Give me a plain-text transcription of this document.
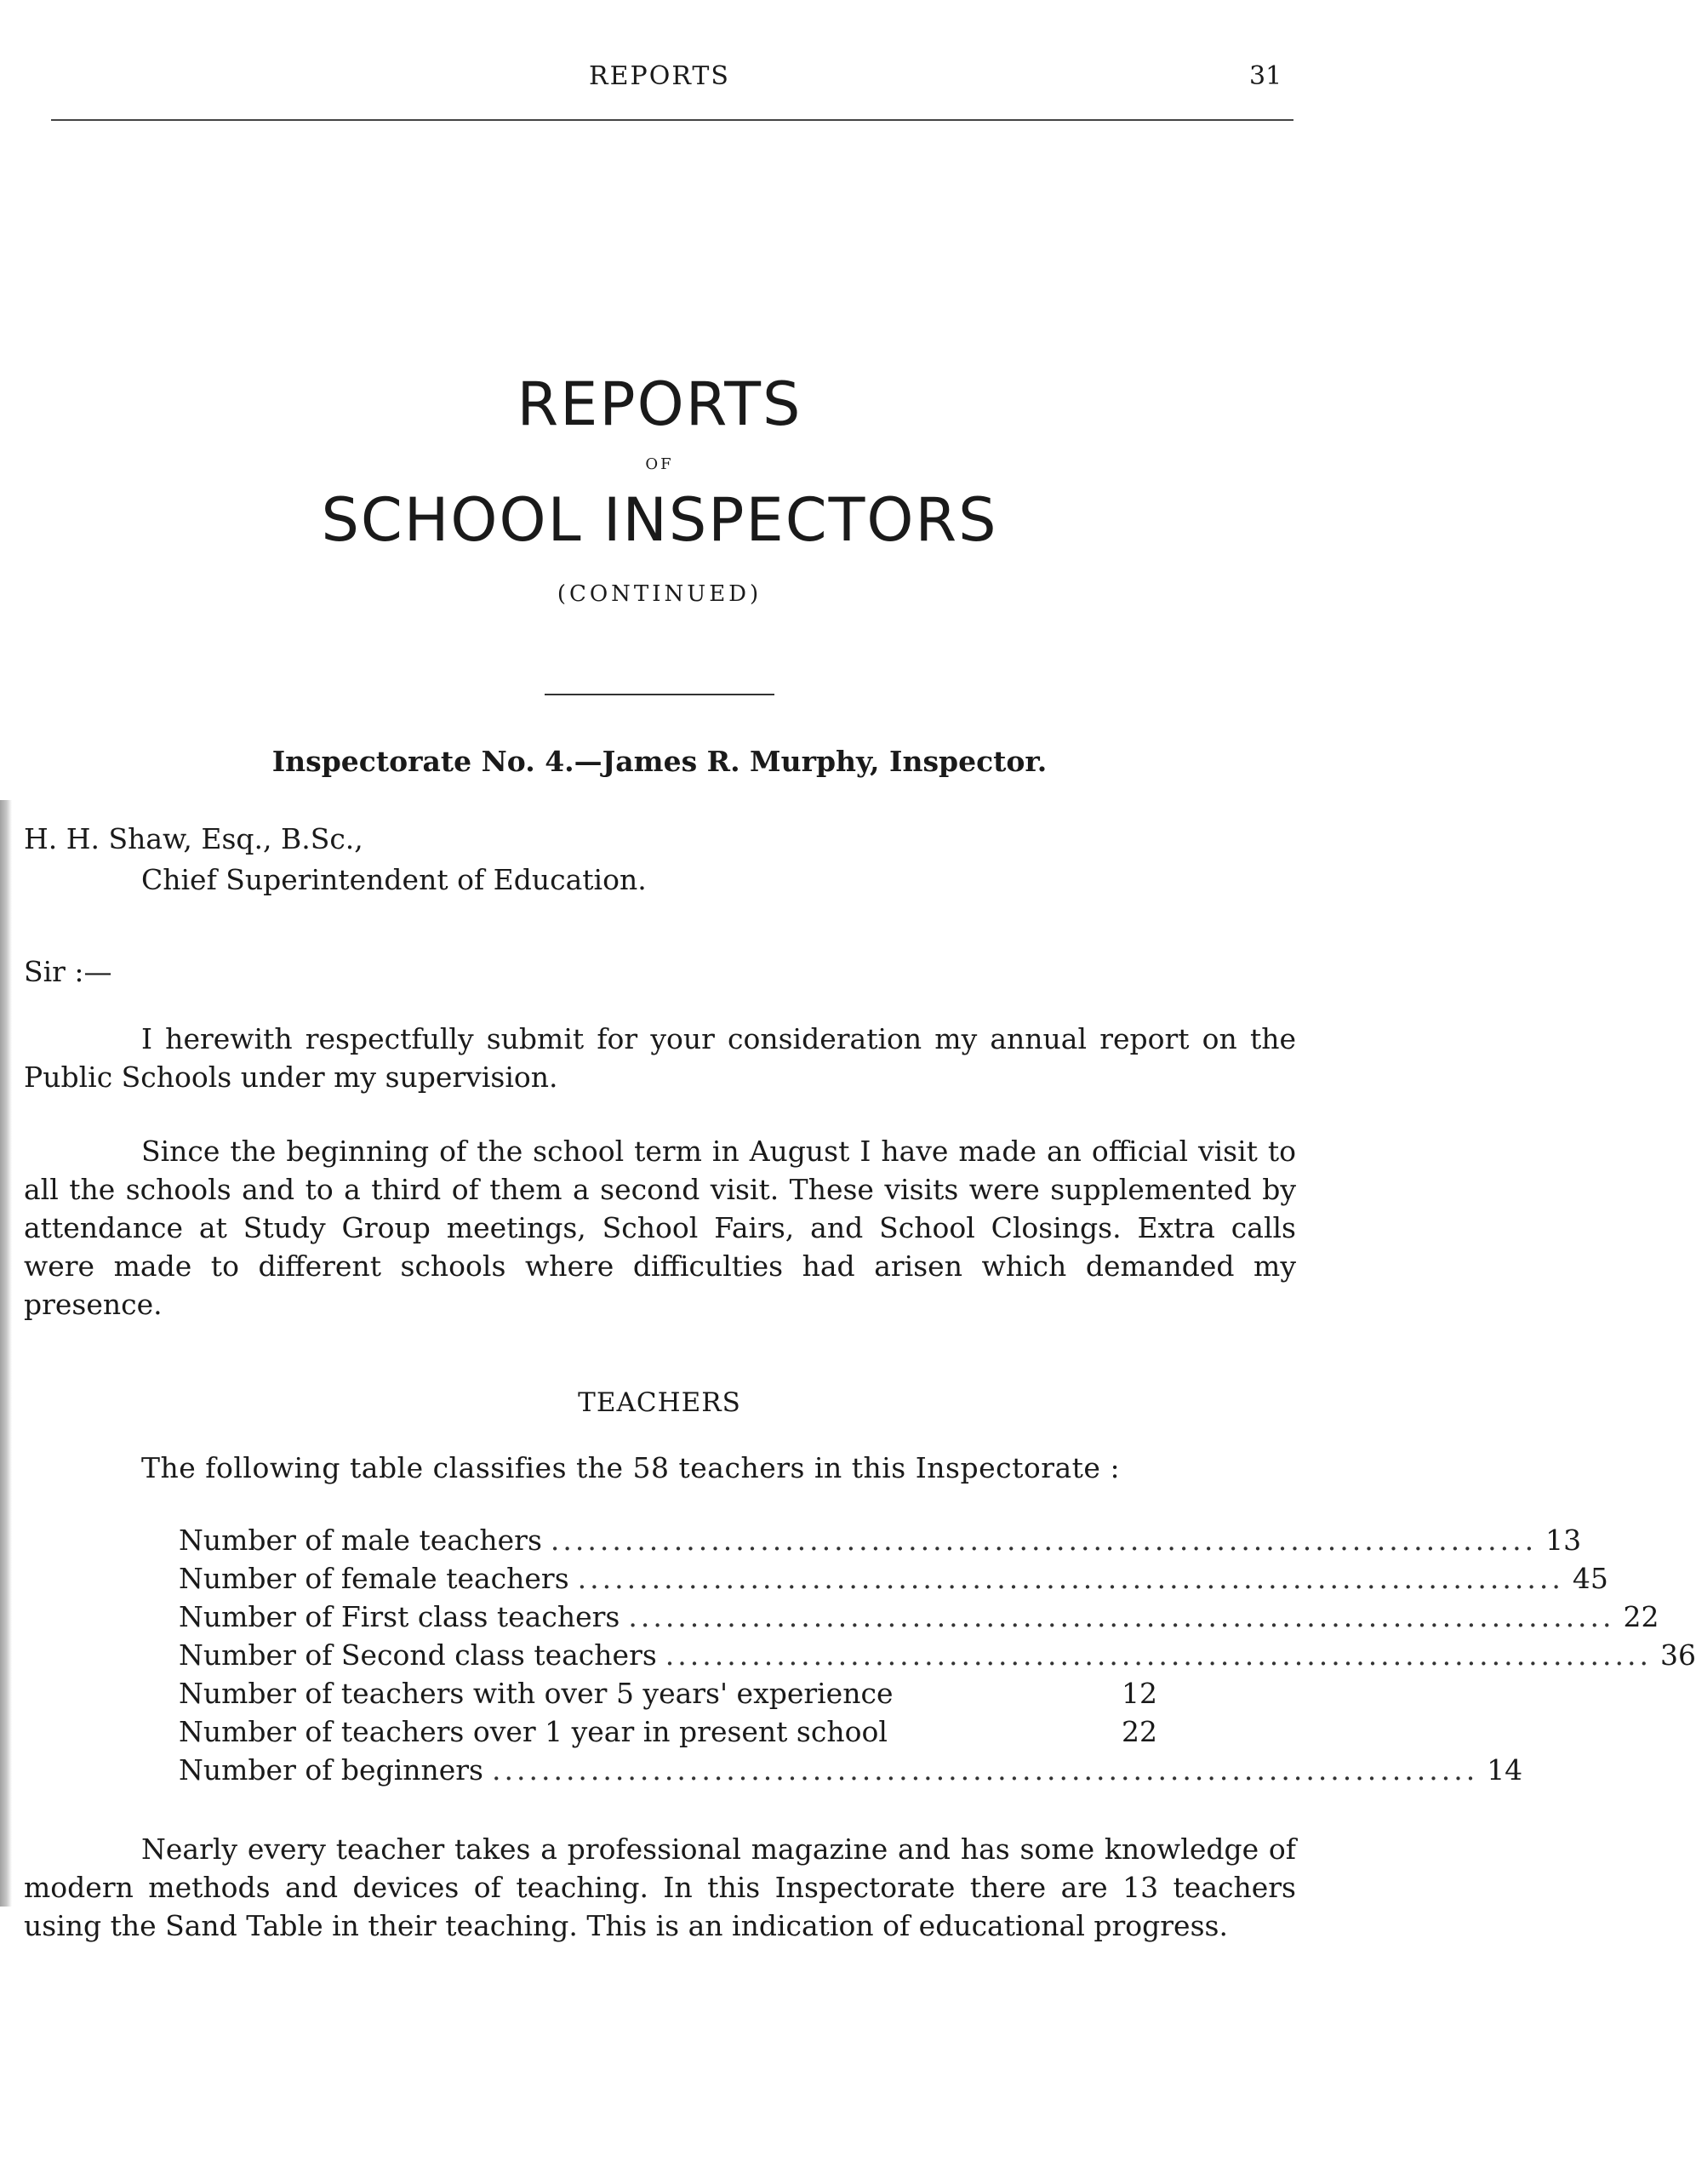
REPORTS	31
REPORTS
OF
SCHOOL INSPECTORS
(CONTINUED)
Inspectorate No. 4.—James R. Murphy, Inspector.
H. H. Shaw, Esq., B.Sc.,
Chief Superintendent of Education.
Sir :—
I herewith respectfully submit for your consideration my annual report on the Public Schools under my supervision.
Since the beginning of the school term in August I have made an official visit to all the schools and to a third of them a second visit. These visits were supplemented by attendance at Study Group meetings, School Fairs, and School Closings. Extra calls were made to different schools where difficulties had arisen which demanded my presence.
TEACHERS
The following table classifies the 58 teachers in this Inspectorate :
Number of male teachers ................................................................................ 13
Number of female teachers ................................................................................ 45
Number of First class teachers ................................................................................ 22
Number of Second class teachers ................................................................................ 36
Number of teachers with over 5 years' experience	12
Number of teachers over 1 year in present school	22
Number of beginners ................................................................................ 14
Nearly every teacher takes a professional magazine and has some knowledge of modern methods and devices of teaching. In this Inspectorate there are 13 teachers using the Sand Table in their teaching. This is an indication of educational progress.
